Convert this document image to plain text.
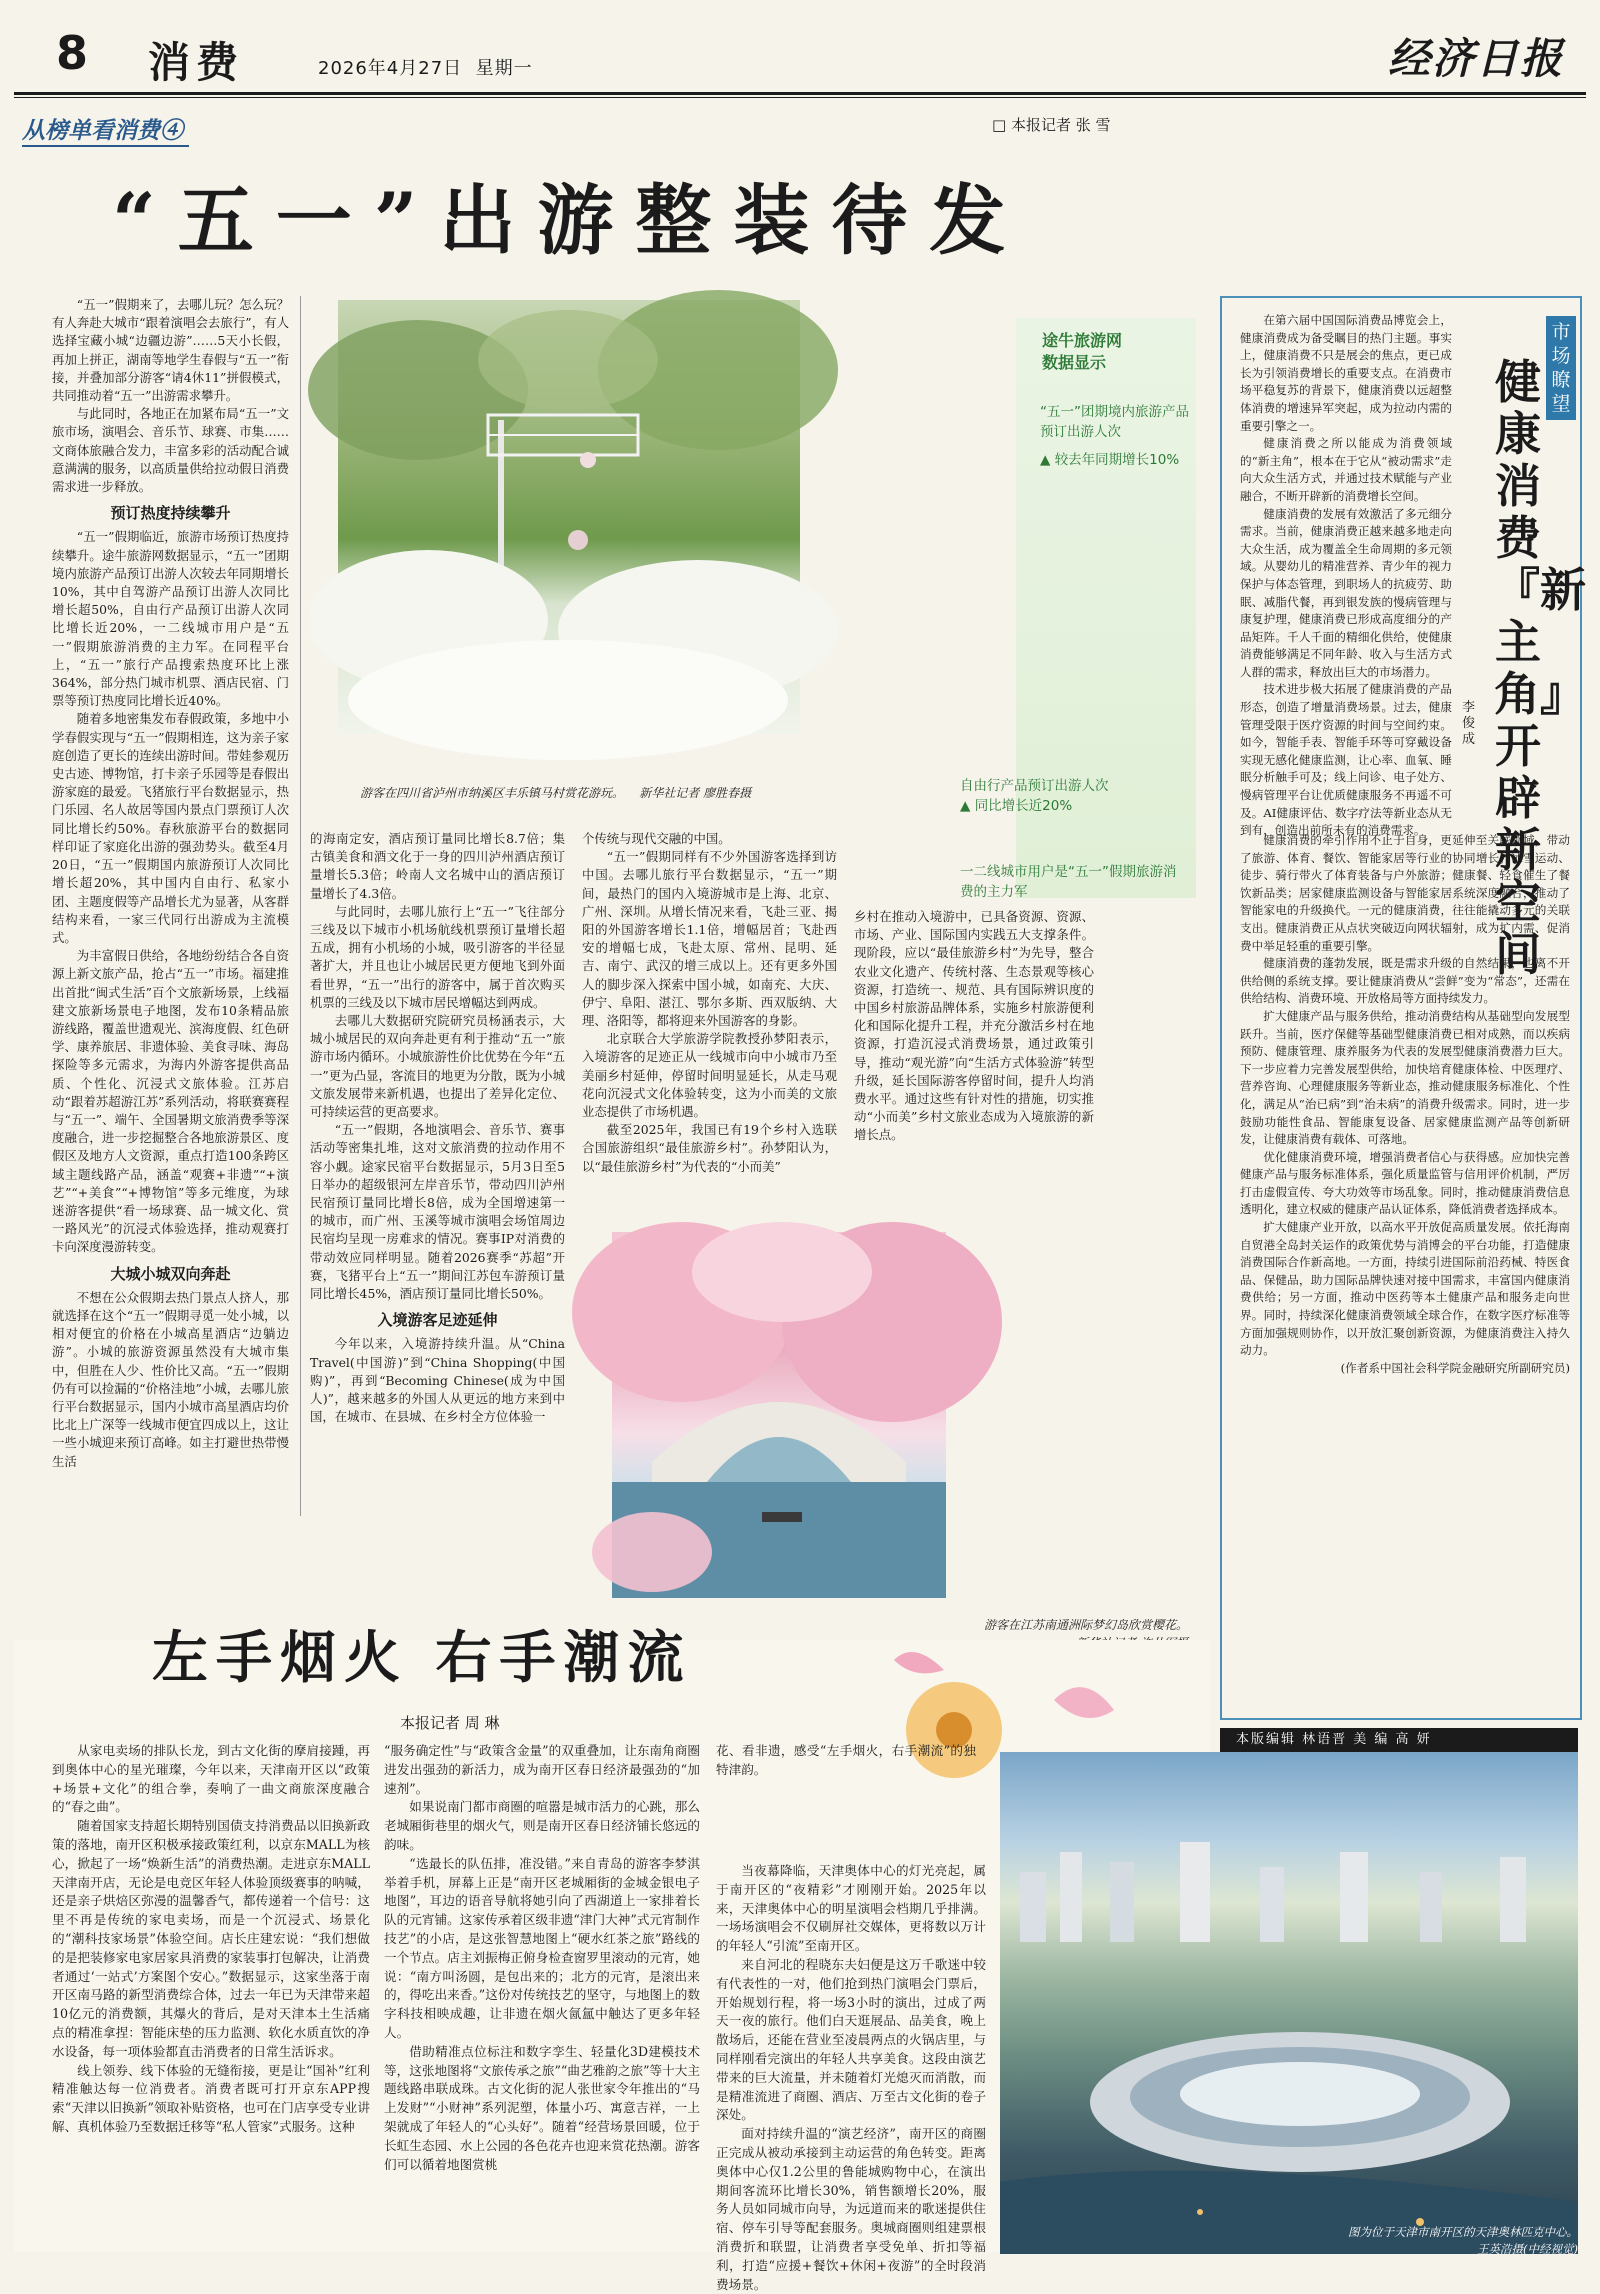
8 消费	2026年4月27日 星期一	经济日报
从榜单看消费④	□ 本报记者 张 雪
“五一”出游整装待发

“五一”假期来了，去哪儿玩？怎么玩？有人奔赴大城市“跟着演唱会去旅行”，有人选择宝藏小城“边疆边游”……5天小长假，再加上拼正，湖南等地学生春假与“五一”衔接，并叠加部分游客“请4休11”拼假模式，共同推动着“五一”出游需求攀升。

与此同时，各地正在加紧布局“五一”文旅市场，演唱会、音乐节、球赛、市集……文商体旅融合发力，丰富多彩的活动配合诚意满满的服务，以高质量供给拉动假日消费需求进一步释放。

预订热度持续攀升

“五一”假期临近，旅游市场预订热度持续攀升。途牛旅游网数据显示，“五一”团期境内旅游产品预订出游人次较去年同期增长10%，其中自驾游产品预订出游人次同比增长超50%，自由行产品预订出游人次同比增长近20%，一二线城市用户是“五一”假期旅游消费的主力军。在同程平台上，“五一”旅行产品搜索热度环比上涨364%，部分热门城市机票、酒店民宿、门票等预订热度同比增长近40%。

随着多地密集发布春假政策，多地中小学春假实现与“五一”假期相连，这为亲子家庭创造了更长的连续出游时间。带娃参观历史古迹、博物馆，打卡亲子乐园等是春假出游家庭的最爱。飞猪旅行平台数据显示，热门乐园、名人故居等国内景点门票预订人次同比增长约50%。春秋旅游平台的数据同样印证了家庭化出游的强劲势头。截至4月20日，“五一”假期国内旅游预订人次同比增长超20%，其中国内自由行、私家小团、主题度假等产品增长尤为显著，从客群结构来看，一家三代同行出游成为主流模式。

为丰富假日供给，各地纷纷结合各自资源上新文旅产品，抢占“五一”市场。福建推出首批“闽式生活”百个文旅新场景，上线福建文旅新场景电子地图，发布10条精品旅游线路，覆盖世遗观光、滨海度假、红色研学、康养旅居、非遗体验、美食寻味、海岛探险等多元需求，为海内外游客提供高品质、个性化、沉浸式文旅体验。江苏启动“跟着苏超游江苏”系列活动，将联赛赛程与“五一”、端午、全国暑期文旅消费季等深度融合，进一步挖掘整合各地旅游景区、度假区及地方人文资源，重点打造100条跨区域主题线路产品，涵盖“观赛+非遗”“+演艺”“+美食”“+博物馆”等多元维度，为球迷游客提供“看一场球赛、品一城文化、赏一路风光”的沉浸式体验选择，推动观赛打卡向深度漫游转变。

大城小城双向奔赴

不想在公众假期去热门景点人挤人，那就选择在这个“五一”假期寻觅一处小城，以相对便宜的价格在小城高星酒店“边躺边游”。小城的旅游资源虽然没有大城市集中，但胜在人少、性价比又高。“五一”假期仍有可以捡漏的“价格洼地”小城，去哪儿旅行平台数据显示，国内小城市高星酒店均价比北上广深等一线城市便宜四成以上，这让一些小城迎来预订高峰。如主打避世热带慢生活

游客在四川省泸州市纳溪区丰乐镇马村赏花游玩。 新华社记者 廖胜春摄
途牛旅游网
数据显示
“五一”团期境内旅游产品预订出游人次
▲ 较去年同期增长10%
自由行产品预订出游人次
▲ 同比增长近20%
一二线城市用户是“五一”假期旅游消费的主力军

的海南定安，酒店预订量同比增长8.7倍；集古镇美食和酒文化于一身的四川泸州酒店预订量增长5.3倍；岭南人文名城中山的酒店预订量增长了4.3倍。

与此同时，去哪儿旅行上“五一”飞往部分三线及以下城市小机场航线机票预订量增长超五成，拥有小机场的小城，吸引游客的半径显著扩大，并且也让小城居民更方便地飞到外面看世界，“五一”出行的游客中，属于首次购买机票的三线及以下城市居民增幅达到两成。

去哪儿大数据研究院研究员杨涵表示，大城小城居民的双向奔赴更有利于推动“五一”旅游市场内循环。小城旅游性价比优势在今年“五一”更为凸显，客流目的地更为分散，既为小城文旅发展带来新机遇，也提出了差异化定位、可持续运营的更高要求。

“五一”假期，各地演唱会、音乐节、赛事活动等密集扎堆，这对文旅消费的拉动作用不容小觑。途家民宿平台数据显示，5月3日至5日举办的超级银河左岸音乐节，带动四川泸州民宿预订量同比增长8倍，成为全国增速第一的城市，而广州、玉溪等城市演唱会场馆周边民宿均呈现一房难求的情况。赛事IP对消费的带动效应同样明显。随着2026赛季“苏超”开赛，飞猪平台上“五一”期间江苏包车游预订量同比增长45%，酒店预订量同比增长50%。

入境游客足迹延伸

今年以来，入境游持续升温。从“China Travel(中国游)”到“China Shopping(中国购)”，再到“Becoming Chinese(成为中国人)”，越来越多的外国人从更远的地方来到中国，在城市、在县城、在乡村全方位体验一

个传统与现代交融的中国。

“五一”假期同样有不少外国游客选择到访中国。去哪儿旅行平台数据显示，“五一”期间，最热门的国内入境游城市是上海、北京、广州、深圳。从增长情况来看，飞赴三亚、揭阳的外国游客增长1.1倍，增幅居首；飞赴西安的增幅七成，飞赴太原、常州、昆明、延吉、南宁、武汉的增三成以上。还有更多外国人的脚步深入探索中国小城，如南充、大庆、伊宁、阜阳、湛江、鄂尔多斯、西双版纳、大理、洛阳等，都将迎来外国游客的身影。

北京联合大学旅游学院教授孙梦阳表示，入境游客的足迹正从一线城市向中小城市乃至美丽乡村延伸，停留时间明显延长，从走马观花向沉浸式文化体验转变，这为小而美的文旅业态提供了市场机遇。

截至2025年，我国已有19个乡村入选联合国旅游组织“最佳旅游乡村”。孙梦阳认为，以“最佳旅游乡村”为代表的“小而美”

乡村在推动入境游中，已具备资源、资源、市场、产业、国际国内实践五大支撑条件。现阶段，应以“最佳旅游乡村”为先导，整合农业文化遗产、传统村落、生态景观等核心资源，打造统一、规范、具有国际辨识度的中国乡村旅游品牌体系，实施乡村旅游便利化和国际化提升工程，并充分激活乡村在地资源，打造沉浸式消费场景，通过政策引导，推动“观光游”向“生活方式体验游”转型升级，延长国际游客停留时间，提升人均消费水平。通过这些有针对性的措施，切实推动“小而美”乡村文旅业态成为入境旅游的新增长点。

游客在江苏南通洲际梦幻岛欣赏樱花。
市场瞭望
健康消费『新主角』开辟新空间
李俊成

在第六届中国国际消费品博览会上，健康消费成为备受瞩目的热门主题。事实上，健康消费不只是展会的焦点，更已成长为引领消费增长的重要支点。在消费市场平稳复苏的背景下，健康消费以远超整体消费的增速异军突起，成为拉动内需的重要引擎之一。

健康消费之所以能成为消费领域的“新主角”，根本在于它从“被动需求”走向大众生活方式，并通过技术赋能与产业融合，不断开辟新的消费增长空间。

健康消费的发展有效激活了多元细分需求。当前，健康消费正越来越多地走向大众生活，成为覆盖全生命周期的多元领域。从婴幼儿的精准营养、青少年的视力保护与体态管理，到职场人的抗疲劳、助眠、减脂代餐，再到银发族的慢病管理与康复护理，健康消费已形成高度细分的产品矩阵。千人千面的精细化供给，使健康消费能够满足不同年龄、收入与生活方式人群的需求，释放出巨大的市场潜力。

技术进步极大拓展了健康消费的产品形态，创造了增量消费场景。过去，健康管理受限于医疗资源的时间与空间约束。如今，智能手表、智能手环等可穿戴设备实现无感化健康监测，让心率、血氧、睡眠分析触手可及；线上问诊、电子处方、慢病管理平台让优质健康服务不再遥不可及。AI健康评估、数字疗法等新业态从无到有，创造出前所未有的消费需求。

健康消费的牵引作用不止于自身，更延伸至关联领域，带动了旅游、体育、餐饮、智能家居等行业的协同增长。冰雪运动、徒步、骑行带火了体育装备与户外旅游；健康餐、轻食催生了餐饮新品类；居家健康监测设备与智能家居系统深度融合，推动了智能家电的升级换代。一元的健康消费，往往能撬动多元的关联支出。健康消费正从点状突破迈向网状辐射，成为扩内需、促消费中举足轻重的重要引擎。

健康消费的蓬勃发展，既是需求升级的自然结果，也离不开供给侧的系统支撑。要让健康消费从“尝鲜”变为“常态”，还需在供给结构、消费环境、开放格局等方面持续发力。

扩大健康产品与服务供给，推动消费结构从基础型向发展型跃升。当前，医疗保健等基础型健康消费已相对成熟，而以疾病预防、健康管理、康养服务为代表的发展型健康消费潜力巨大。下一步应着力完善发展型供给，加快培育健康体检、中医理疗、营养咨询、心理健康服务等新业态，推动健康服务标准化、个性化，满足从“治已病”到“治未病”的消费升级需求。同时，进一步鼓励功能性食品、智能康复设备、居家健康监测产品等创新研发，让健康消费有载体、可落地。

优化健康消费环境，增强消费者信心与获得感。应加快完善健康产品与服务标准体系，强化质量监管与信用评价机制，严厉打击虚假宣传、夸大功效等市场乱象。同时，推动健康消费信息透明化，建立权威的健康产品认证体系，降低消费者选择成本。

扩大健康产业开放，以高水平开放促高质量发展。依托海南自贸港全岛封关运作的政策优势与消博会的平台功能，打造健康消费国际合作新高地。一方面，持续引进国际前沿药械、特医食品、保健品，助力国际品牌快速对接中国需求，丰富国内健康消费供给；另一方面，推动中医药等本土健康产品和服务走向世界。同时，持续深化健康消费领域全球合作，在数字医疗标准等方面加强规则协作，以开放汇聚创新资源，为健康消费注入持久动力。

(作者系中国社会科学院金融研究所副研究员)

左手烟火 右手潮流
本报记者 周 琳

从家电卖场的排队长龙，到古文化街的摩肩接踵，再到奥体中心的星光璀璨，今年以来，天津南开区以“政策+场景+文化”的组合拳，奏响了一曲文商旅深度融合的“春之曲”。

随着国家支持超长期特别国债支持消费品以旧换新政策的落地，南开区积极承接政策红利，以京东MALL为核心，掀起了一场“焕新生活”的消费热潮。走进京东MALL天津南开店，无论是电竞区年轻人体验顶级赛事的呐喊，还是亲子烘焙区弥漫的温馨香气，都传递着一个信号：这里不再是传统的家电卖场，而是一个沉浸式、场景化的“潮科技家场景”体验空间。店长庄建宏说：“我们想做的是把装修家电家居家具消费的家装事打包解决，让消费者通过‘一站式’方案图个安心。”数据显示，这家坐落于南开区南马路的新型消费综合体，过去一年已为天津带来超10亿元的消费额，其爆火的背后，是对天津本土生活痛点的精准拿捏：智能床垫的压力监测、软化水质直饮的净水设备，每一项体验都直击消费者的日常生活诉求。

线上领券、线下体验的无缝衔接，更是让“国补”红利精准触达每一位消费者。消费者既可打开京东APP搜索“天津以旧换新”领取补贴资格，也可在门店享受专业讲解、真机体验乃至数据迁移等“私人管家”式服务。这种

“服务确定性”与“政策含金量”的双重叠加，让东南角商圈进发出强劲的新活力，成为南开区春日经济最强劲的“加速剂”。

如果说南门都市商圈的喧嚣是城市活力的心跳，那么老城厢街巷里的烟火气，则是南开区春日经济铺长悠远的韵味。

“选最长的队伍排，准没错。”来自青岛的游客李梦淇举着手机，屏幕上正是“南开区老城厢街的金城金银电子地图”，耳边的语音导航将她引向了西湖道上一家排着长队的元宵铺。这家传承着区级非遗“津门大神”式元宵制作技艺”的小店，是这张智慧地图上“硬水红茶之旅”路线的一个节点。店主刘振梅正俯身检查窗罗里滚动的元宵，她说：“南方叫汤圆，是包出来的；北方的元宵，是滚出来的，得吃出来香。”这份对传统技艺的坚守，与地图上的数字科技相映成趣，让非遗在烟火氤氲中触达了更多年轻人。

借助精准点位标注和数字孪生、轻量化3D建模技术等，这张地图将“文旅传承之旅”“曲艺雅韵之旅”等十大主题线路串联成珠。古文化街的泥人张世家令年推出的“马上发财”“小财神”系列泥塑，体量小巧、寓意吉祥，一上架就成了年轻人的“心头好”。随着“经营场景回暖，位于长虹生态园、水上公园的各色花卉也迎来赏花热潮。游客们可以循着地图赏桃

花、看非遗，感受“左手烟火，右手潮流”的独特津韵。

当夜幕降临，天津奥体中心的灯光亮起，属于南开区的“夜精彩”才刚刚开始。2025年以来，天津奥体中心的明星演唱会档期几乎排满。一场场演唱会不仅刷屏社交媒体，更将数以万计的年轻人“引流”至南开区。

来自河北的程晓东夫妇便是这万千歌迷中较有代表性的一对，他们抢到热门演唱会门票后，开始规划行程，将一场3小时的演出，过成了两天一夜的旅行。他们白天逛展品、品美食，晚上散场后，还能在营业至凌晨两点的火锅店里，与同样刚看完演出的年轻人共享美食。这段由演艺带来的巨大流量，并未随着灯光熄灭而消散，而是精准流进了商圈、酒店、万至古文化街的卷子深处。

面对持续升温的“演艺经济”，南开区的商圈正完成从被动承接到主动运营的角色转变。距离奥体中心仅1.2公里的鲁能城购物中心，在演出期间客流环比增长30%，销售额增长20%，服务人员如同城市向导，为远道而来的歌迷提供住宿、停车引导等配套服务。奥城商圈则组建票根消费折和联盟，让消费者享受免单、折扣等福利，打造“应援+餐饮+休闲+夜游”的全时段消费场景。

本版编辑 林语晋 美 编 高 妍
图为位于天津市南开区的天津奥林匹克中心。
王英浩摄(中经视觉)
